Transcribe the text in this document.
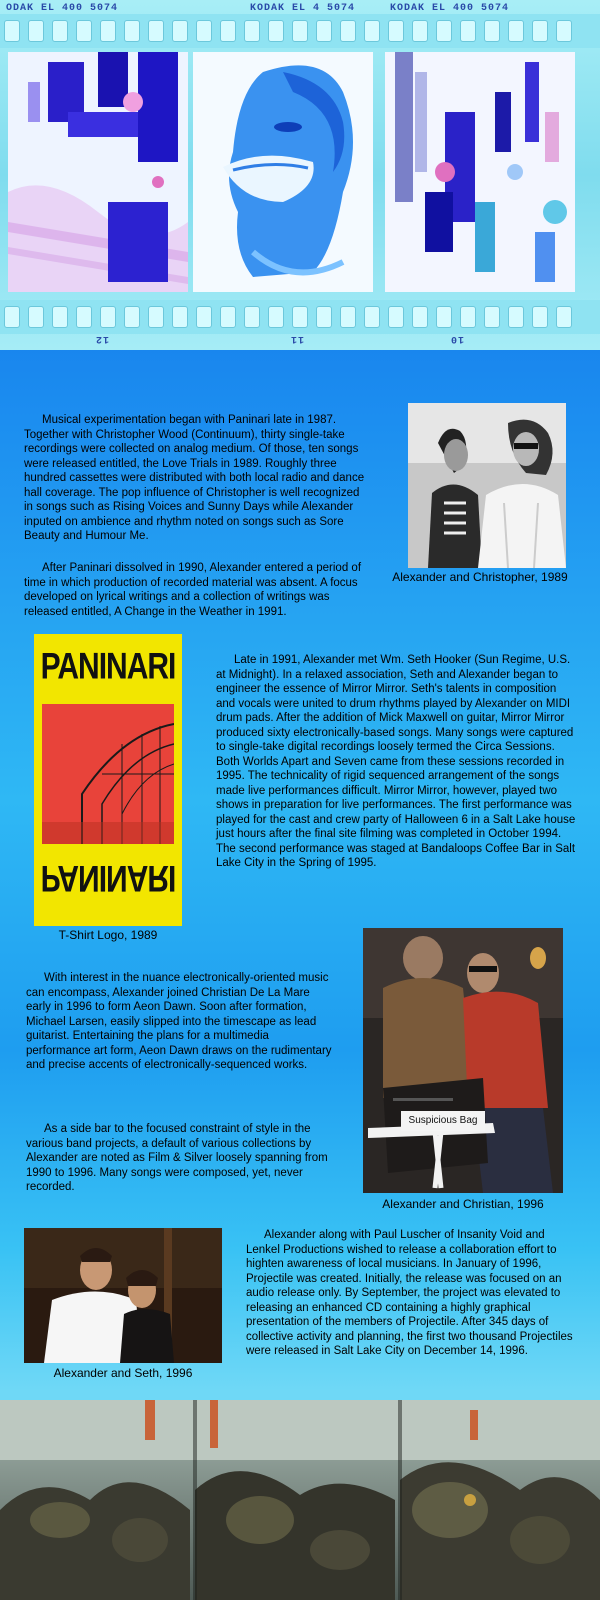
ODAK EL 400 5074	KODAK EL 4 5074	KODAK EL 400 5074
12	11	10

Musical experimentation began with Paninari late in 1987. Together with Christopher Wood (Continuum), thirty single-take recordings were collected on analog medium. Of those, ten songs were released entitled, the Love Trials in 1989. Roughly three hundred cassettes were distributed with both local radio and dance hall coverage. The pop influence of Christopher is well recognized in songs such as Rising Voices and Sunny Days while Alexander inputed on ambience and rhythm noted on songs such as Sore Beauty and Humour Me.

Alexander and Christopher, 1989

After Paninari dissolved in 1990, Alexander entered a period of time in which production of recorded material was absent. A focus developed on lyrical writings and a collection of writings was released entitled, A Change in the Weather in 1991.

PANINARI
PANINARI

T-Shirt Logo, 1989

Late in 1991, Alexander met Wm. Seth Hooker (Sun Regime, U.S. at Midnight). In a relaxed association, Seth and Alexander began to engineer the essence of Mirror Mirror. Seth's talents in composition and vocals were united to drum rhythms played by Alexander on MIDI drum pads. After the addition of Mick Maxwell on guitar, Mirror Mirror produced sixty electronically-based songs. Many songs were captured to single-take digital recordings loosely termed the Circa Sessions. Both Worlds Apart and Seven came from these sessions recorded in 1995. The technicality of rigid sequenced arrangement of the songs made live performances difficult. Mirror Mirror, however, played two shows in preparation for live performances. The first performance was played for the cast and crew party of Halloween 6 in a Salt Lake house just hours after the final site filming was completed in October 1994. The second performance was staged at Bandaloops Coffee Bar in Salt Lake City in the Spring of 1995.

With interest in the nuance electronically-oriented music can encompass, Alexander joined Christian De La Mare early in 1996 to form Aeon Dawn. Soon after formation, Michael Larsen, easily slipped into the timescape as lead guitarist. Entertaining the plans for a multimedia performance art form, Aeon Dawn draws on the rudimentary and precise accents of electronically-sequenced works.

Suspicious Bag

Alexander and Christian, 1996

As a side bar to the focused constraint of style in the various band projects, a default of various collections by Alexander are noted as Film & Silver loosely spanning from 1990 to 1996. Many songs were composed, yet, never recorded.

Alexander and Seth, 1996

Alexander along with Paul Luscher of Insanity Void and Lenkel Productions wished to release a collaboration effort to highten awareness of local musicians. In January of 1996, Projectile was created. Initially, the release was focused on an audio release only. By September, the project was elevated to releasing an enhanced CD containing a highly graphical presentation of the members of Projectile. After 345 days of collective activity and planning, the first two thousand Projectiles were released in Salt Lake City on December 14, 1996.
